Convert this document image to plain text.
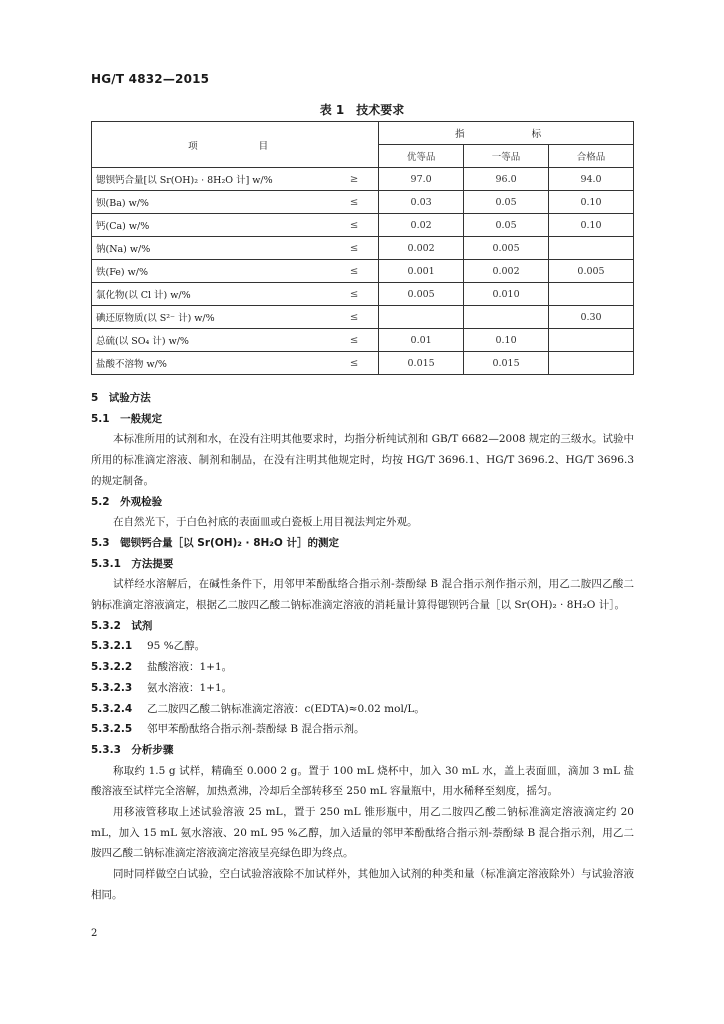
HG/T 4832—2015
表 1　技术要求
项　　目		指　　标		
		优等品	一等品	合格品
锶钡钙合量[以 Sr(OH)₂ · 8H₂O 计] w/%	≥	97.0	96.0	94.0
钡(Ba) w/%	≤	0.03	0.05	0.10
钙(Ca) w/%	≤	0.02	0.05	0.10
钠(Na) w/%	≤	0.002	0.005	
铁(Fe) w/%	≤	0.001	0.002	0.005
氯化物(以 Cl 计) w/%	≤	0.005	0.010	
碘还原物质(以 S²⁻ 计) w/%	≤			0.30
总硫(以 SO₄ 计) w/%	≤	0.01	0.10	
盐酸不溶物 w/%	≤	0.015	0.015	
5　试验方法
5.1　一般规定
本标准所用的试剂和水，在没有注明其他要求时，均指分析纯试剂和 GB/T 6682—2008 规定的三级水。试验中所用的标准滴定溶液、制剂和制品，在没有注明其他规定时，均按 HG/T 3696.1、HG/T 3696.2、HG/T 3696.3 的规定制备。
5.2　外观检验
在自然光下，于白色衬底的表面皿或白瓷板上用目视法判定外观。
5.3　锶钡钙合量［以 Sr(OH)₂ · 8H₂O 计］的测定
5.3.1　方法提要
试样经水溶解后，在碱性条件下，用邻甲苯酚酞络合指示剂-萘酚绿 B 混合指示剂作指示剂，用乙二胺四乙酸二钠标准滴定溶液滴定，根据乙二胺四乙酸二钠标准滴定溶液的消耗量计算得锶钡钙合量［以 Sr(OH)₂ · 8H₂O 计］。
5.3.2　试剂
5.3.2.1 95 %乙醇。
5.3.2.2 盐酸溶液：1+1。
5.3.2.3 氨水溶液：1+1。
5.3.2.4 乙二胺四乙酸二钠标准滴定溶液：c(EDTA)≈0.02 mol/L。
5.3.2.5 邻甲苯酚酞络合指示剂-萘酚绿 B 混合指示剂。
5.3.3　分析步骤
称取约 1.5 g 试样，精确至 0.000 2 g。置于 100 mL 烧杯中，加入 30 mL 水，盖上表面皿，滴加 3 mL 盐酸溶液至试样完全溶解，加热煮沸，冷却后全部转移至 250 mL 容量瓶中，用水稀释至刻度，摇匀。
用移液管移取上述试验溶液 25 mL，置于 250 mL 锥形瓶中，用乙二胺四乙酸二钠标准滴定溶液滴定约 20 mL，加入 15 mL 氨水溶液、20 mL 95 %乙醇，加入适量的邻甲苯酚酞络合指示剂-萘酚绿 B 混合指示剂，用乙二胺四乙酸二钠标准滴定溶液滴定溶液呈亮绿色即为终点。
同时同样做空白试验，空白试验溶液除不加试样外，其他加入试剂的种类和量（标准滴定溶液除外）与试验溶液相同。
2
